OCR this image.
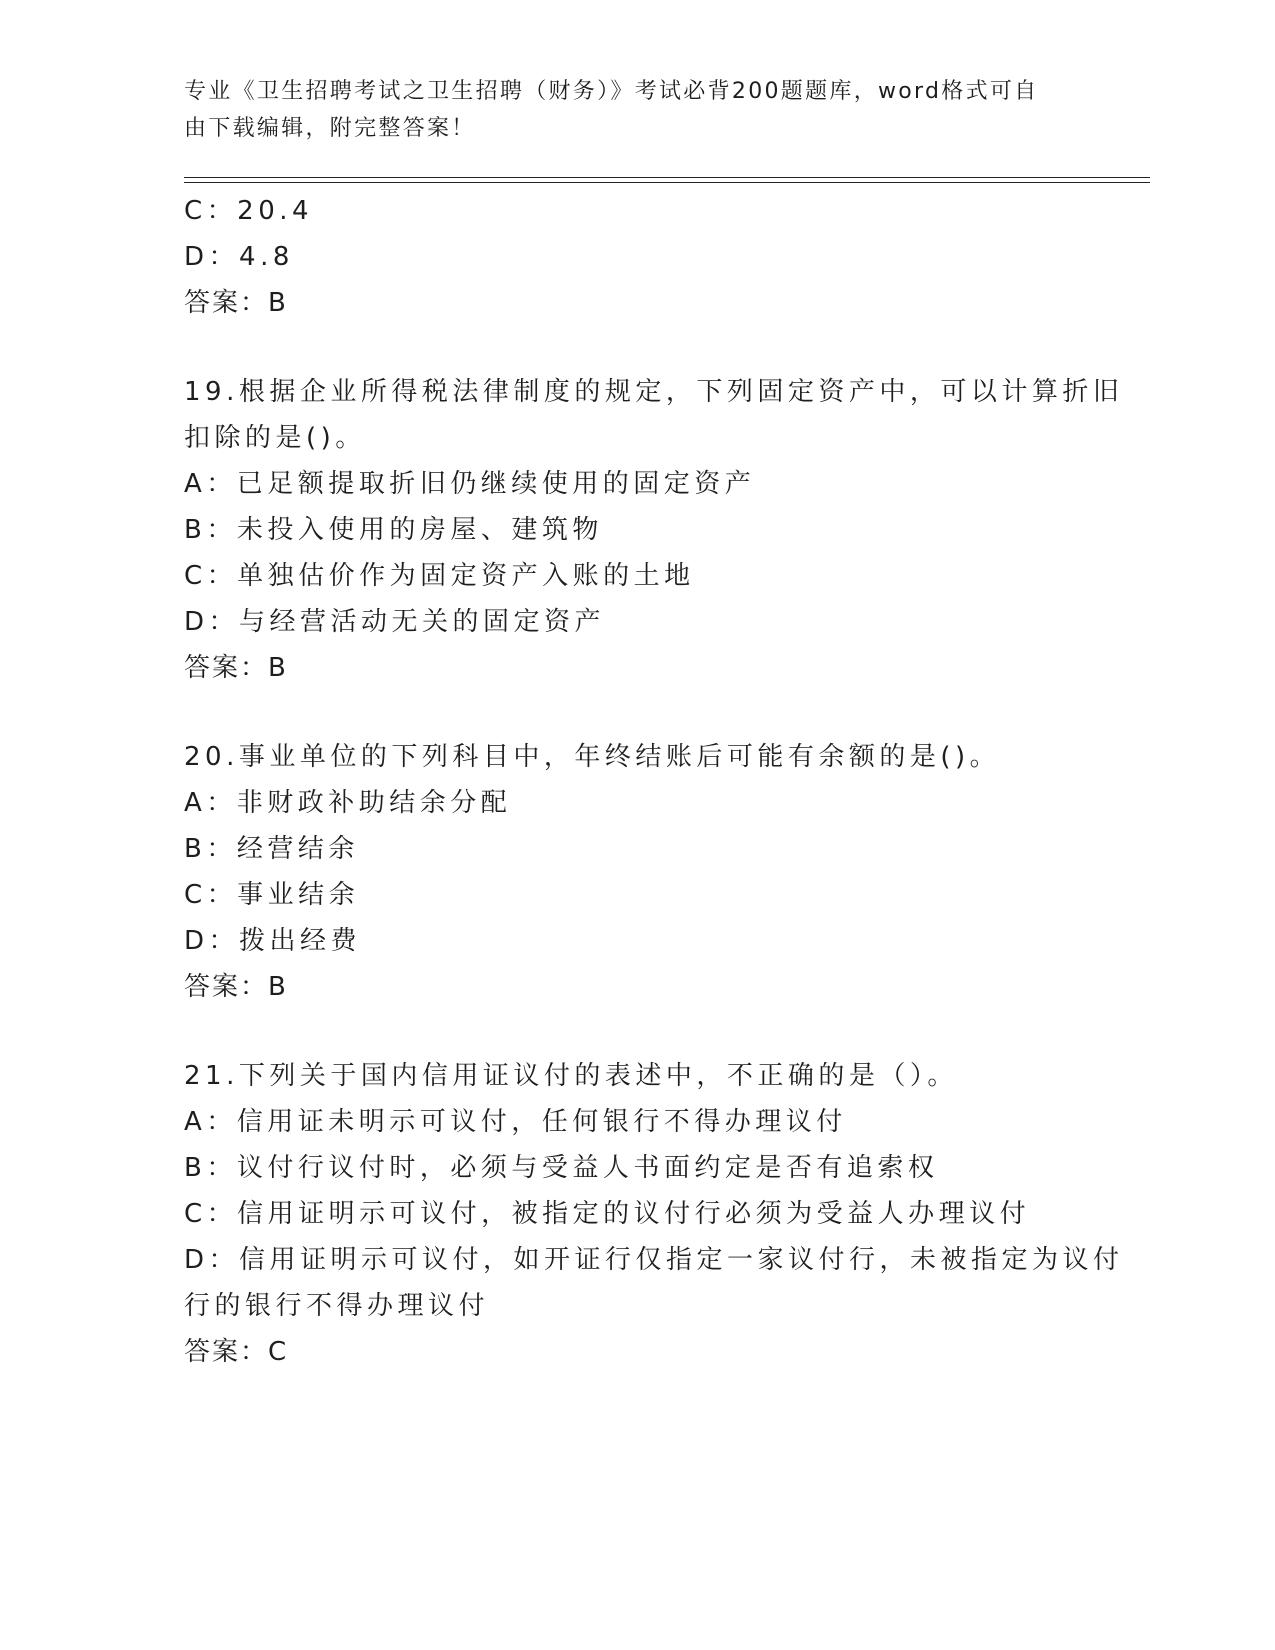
专业《卫生招聘考试之卫生招聘（财务）》考试必背200题题库，word格式可自
由下载编辑，附完整答案！
C：20.4
D：4.8
答案：B
19.根据企业所得税法律制度的规定，下列固定资产中，可以计算折旧
扣除的是()。
A：已足额提取折旧仍继续使用的固定资产
B：未投入使用的房屋、建筑物
C：单独估价作为固定资产入账的土地
D：与经营活动无关的固定资产
答案：B
20.事业单位的下列科目中，年终结账后可能有余额的是()。
A：非财政补助结余分配
B：经营结余
C：事业结余
D：拨出经费
答案：B
21.下列关于国内信用证议付的表述中，不正确的是（）。
A：信用证未明示可议付，任何银行不得办理议付
B：议付行议付时，必须与受益人书面约定是否有追索权
C：信用证明示可议付，被指定的议付行必须为受益人办理议付
D：信用证明示可议付，如开证行仅指定一家议付行，未被指定为议付
行的银行不得办理议付
答案：C
